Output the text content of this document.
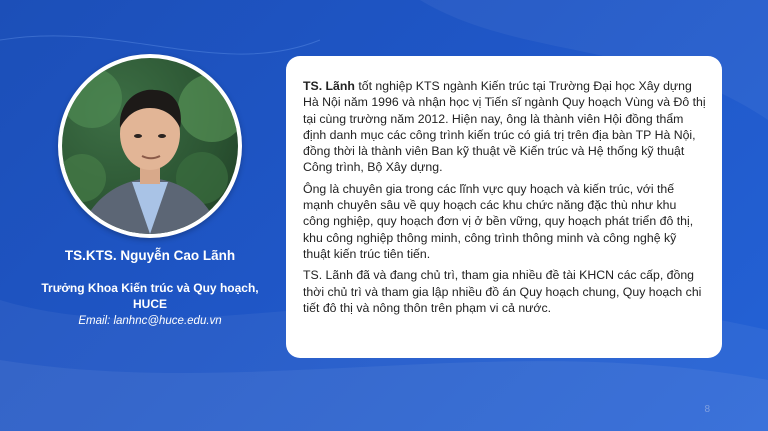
TS.KTS. Nguyễn Cao Lãnh
Trưởng Khoa Kiến trúc và Quy hoạch,
HUCE
Email: lanhnc@huce.edu.vn

TS. Lãnh tốt nghiệp KTS ngành Kiến trúc tại Trường Đại học Xây dựng Hà Nội năm 1996 và nhận học vị Tiến sĩ ngành Quy hoạch Vùng và Đô thị tại cùng trường năm 2012. Hiện nay, ông là thành viên Hội đồng thẩm định danh mục các công trình kiến trúc có giá trị trên địa bàn TP Hà Nội, đồng thời là thành viên Ban kỹ thuật về Kiến trúc và Hệ thống kỹ thuật Công trình, Bộ Xây dựng.

Ông là chuyên gia trong các lĩnh vực quy hoạch và kiến trúc, với thế mạnh chuyên sâu về quy hoạch các khu chức năng đặc thù như khu công nghiệp, quy hoạch đơn vị ở bền vững, quy hoạch phát triển đô thị, khu công nghiệp thông minh, công trình thông minh và công nghệ kỹ thuật kiến trúc tiên tiến.

TS. Lãnh đã và đang chủ trì, tham gia nhiều đề tài KHCN các cấp, đồng thời chủ trì và tham gia lập nhiều đồ án Quy hoạch chung, Quy hoạch chi tiết đô thị và nông thôn trên phạm vi cả nước.

8
